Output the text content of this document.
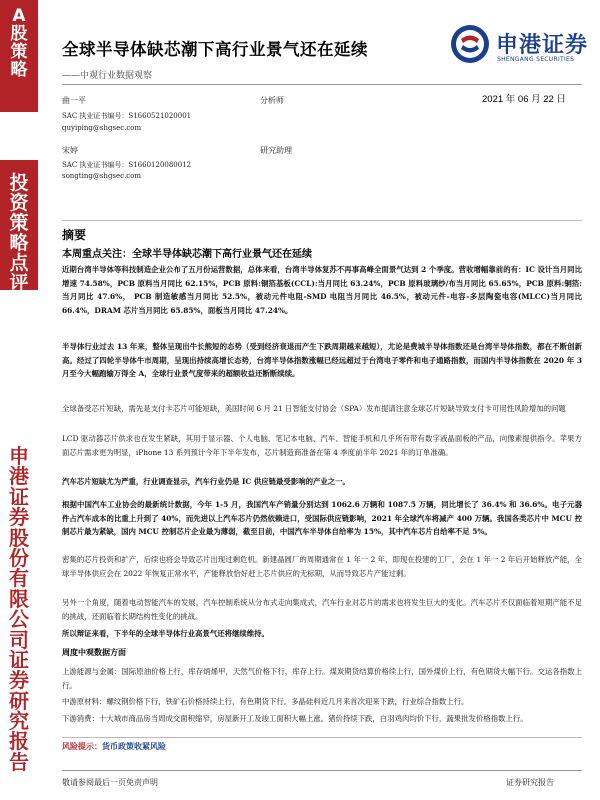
A
股
策
略
投
资
策
略
点
评
申
港
证
券
股
份
有
限
公
司
证
券
研
究
报
告
全球半导体缺芯潮下高行业景气还在延续
——中观行业数据观察
申港证券
SHENGANG SECURITIES
曲一平	分析师	2021 年 06 月 22 日
SAC 执业证书编号：S1660521020001
quyiping@shgsec.com
宋婷	研究助理
SAC 执业证书编号：S1660120080012
songting@shgsec.com
摘要
本周重点关注：全球半导体缺芯潮下高行业景气还在延续
近期台湾半导体等科技制造企业公布了五月份运营数据，总体来看，台湾半导体复苏不再事高峰全面景气达到 2 个季度。营收增幅靠前的有：IC 设计当月同比增速 74.58%，PCB 原料当月同比 62.15%，PCB 原料:铜箔基板(CCL):当月同比 63.24%，PCB 原料玻璃纱/布当月同比 65.65%，PCB 原料:铜箔:当月同比 47.6%， PCB 制造敏感当月同比 52.5%，被动元件电阻-SMD 电阻当月同比 46.5%，被动元件-电容-多层陶瓷电容(MLCC)当月同比 66.4%，DRAM 芯片当月同比 65.85%，面板当月同比 47.24%。
半导体行业过去 13 年来，整体呈现出牛长熊短的态势（受到经济衰退而产生下跌周期越来越短），尤论是费城半导体指数还是台湾半导体指数，都在不断创新高。经过了四轮半导体牛市周期，呈现出持续高增长态势，台湾半导体指数涨幅已经远超过于台湾电子零件和电子通路指数，而国内半导体指数在 2020 年 3 月至今大幅跑输万得全 A，全球行业景气度带来的超额收益还断断续续。
全球备受芯片短缺，需先是支付卡芯片可能短缺，美国时间 6 月 21 日智能支付协会（SPA）发布提请注意全球芯片短缺导致支付卡可用性风险增加的问题
LCD 驱动器芯片供求也在发生紧缺，其用于显示器、个人电脑、笔记本电脑、汽车、智能手机和几乎所有带有数字液晶面板的产品，向像素提供指令。苹果方面芯片需求更为明显，iPhone 13 系列预计今年下半年发布，芯片制造商准备在第 4 季度前半年 2021 年的订单准确。
汽车芯片短缺尤为严重，行业调查显示，汽车行业仍是 IC 供应链最受影响的产业之一。
根据中国汽车工业协会的最新统计数据，今年 1-5 月，我国汽车产销量分别达到 1062.6 万辆和 1087.5 万辆，同比增长了 36.4% 和 36.6%。电子元器件占汽车成本的比重上升到了 40%，而先进以上汽车芯片仍然依赖进口，受国际供应链影响，2021 年全球汽车将减产 400 万辆。我国各类芯片中 MCU 控制芯片最为紧缺，国内 MCU 控制芯片企业最为薄弱，截至目前，中国汽车半导体自给率为 15%，其中汽车芯片自给率不足 5%。
密集的芯片投资和扩产，后续也将会导致芯片出现过剩危机。新建晶圆厂的周期通常在 1 年一 2 年，即现在投建的工厂，会在 1 年一 2 年后开始释放产能，全球半导体供应会在 2022 年恢复正常水平，产能释放恰好赶上芯片供应的无标期，从而导致芯片产能过剩。
另外一个角度，随着电动智能汽车的发展，汽车控制系统从分布式走向集成式，汽车行业对芯片的需求也将发生巨大的变化。汽车芯片不仅面临着短期产能不足的挑战，还面临着长期结构性变化的挑战。
所以辩证来看，下半年的全球半导体行业高景气还将继续维持。
周度中观数据方面
上游能源与金属：国际原油价格上行，库存炳烯甲，天然气价格下行，库存上行。煤炭期货结算价格续上行，国外煤价上行，有色期货大幅下行。交运各指数上行。
中游原材料：螺纹钢价格下行，铁矿石价格持续上行，有色期货下行。多晶硅料近几月来首次迎来下跌，行业综合指数上行。
下游消费：十大城市商品房当周成交面积缩窄，房屋新开工及竣工面积大幅上涨。猪价持续下跌，白羽鸡肉均价下行，蔬果批发价格指数上行。
风险提示：货币政策收紧风险
敬请参阅最后一页免责声明	证券研究报告
